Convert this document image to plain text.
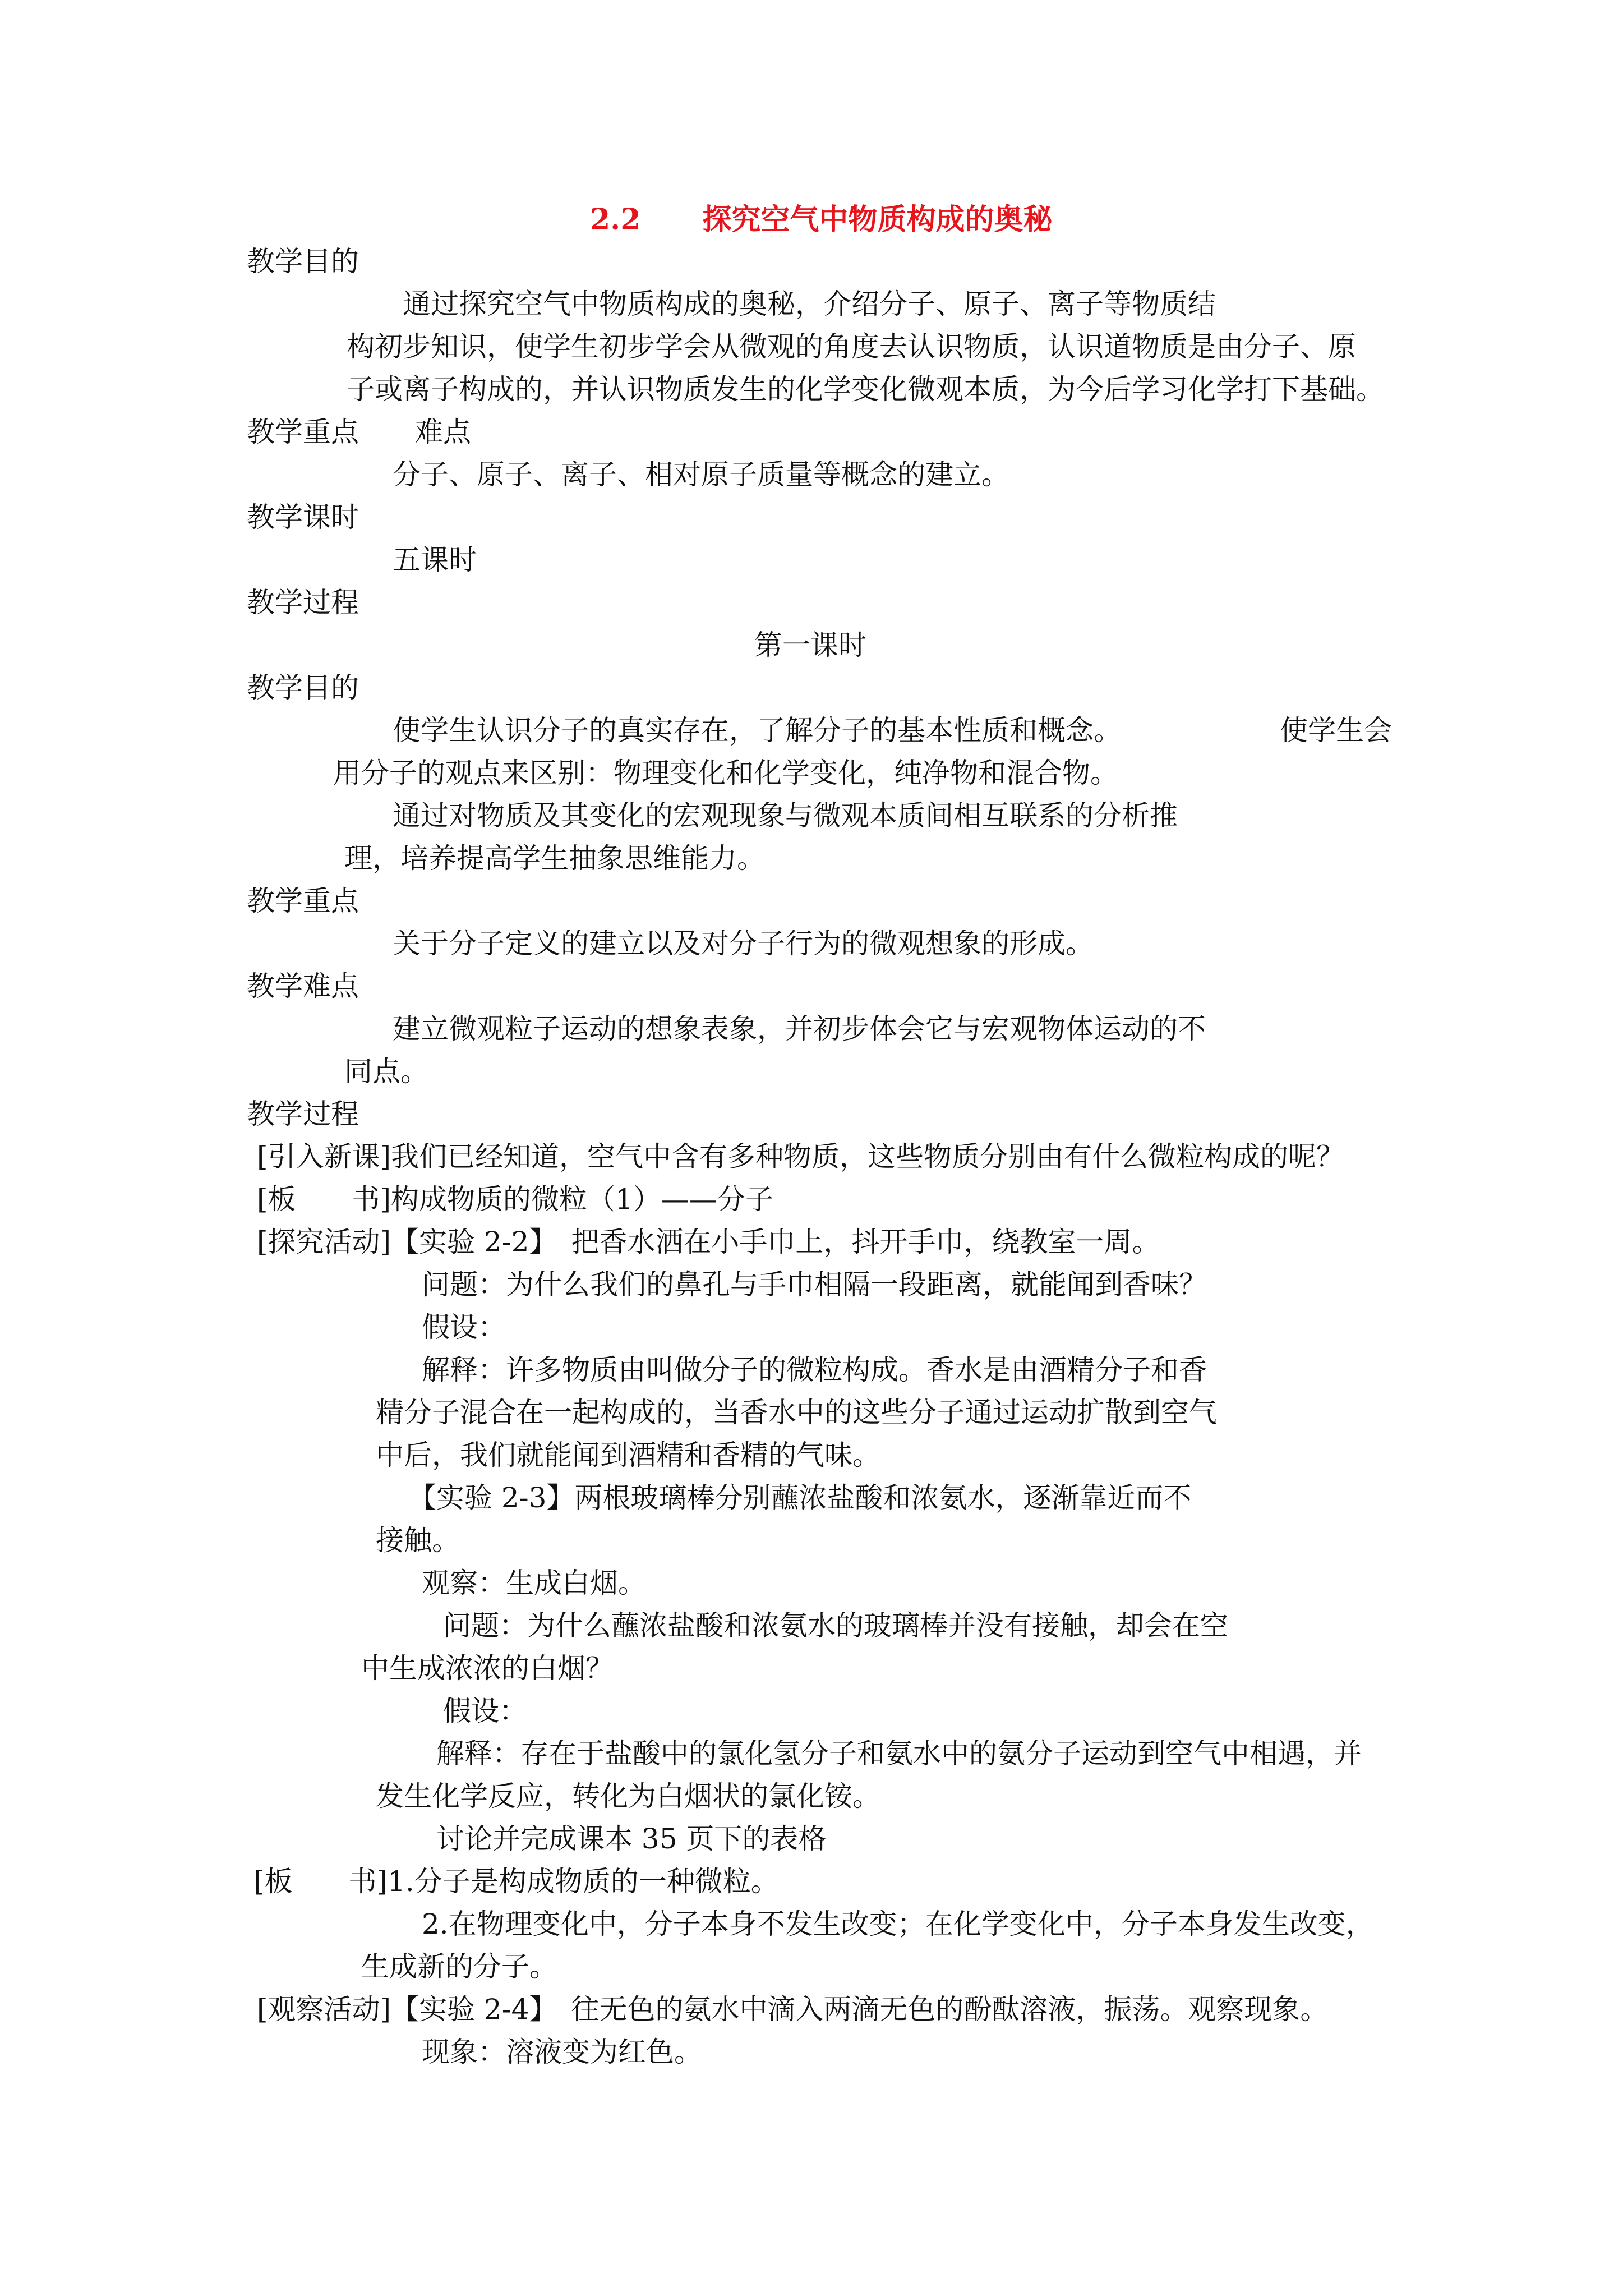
2.2 探究空气中物质构成的奥秘
教学目的
通过探究空气中物质构成的奥秘，介绍分子、原子、离子等物质结
构初步知识，使学生初步学会从微观的角度去认识物质，认识道物质是由分子、原
子或离子构成的，并认识物质发生的化学变化微观本质，为今后学习化学打下基础。
教学重点　　难点
分子、原子、离子、相对原子质量等概念的建立。
教学课时
五课时
教学过程
第一课时
教学目的
使学生认识分子的真实存在，了解分子的基本性质和概念。	使学生会
用分子的观点来区别：物理变化和化学变化，纯净物和混合物。
通过对物质及其变化的宏观现象与微观本质间相互联系的分析推
理，培养提高学生抽象思维能力。
教学重点
关于分子定义的建立以及对分子行为的微观想象的形成。
教学难点
建立微观粒子运动的想象表象，并初步体会它与宏观物体运动的不
同点。
教学过程
[引入新课]我们已经知道，空气中含有多种物质，这些物质分别由有什么微粒构成的呢？
[板　　书]构成物质的微粒（1）——分子
[探究活动]【实验 2-2】　把香水洒在小手巾上，抖开手巾，绕教室一周。
问题：为什么我们的鼻孔与手巾相隔一段距离，就能闻到香味？
假设：
解释：许多物质由叫做分子的微粒构成。香水是由酒精分子和香
精分子混合在一起构成的，当香水中的这些分子通过运动扩散到空气
中后，我们就能闻到酒精和香精的气味。
【实验 2-3】两根玻璃棒分别蘸浓盐酸和浓氨水，逐渐靠近而不
接触。
观察：生成白烟。
问题：为什么蘸浓盐酸和浓氨水的玻璃棒并没有接触，却会在空
中生成浓浓的白烟？
假设：
解释：存在于盐酸中的氯化氢分子和氨水中的氨分子运动到空气中相遇，并
发生化学反应，转化为白烟状的氯化铵。
讨论并完成课本 35 页下的表格
[板　　书]1.分子是构成物质的一种微粒。
2.在物理变化中，分子本身不发生改变；在化学变化中，分子本身发生改变，
生成新的分子。
[观察活动]【实验 2-4】　往无色的氨水中滴入两滴无色的酚酞溶液，振荡。观察现象。
现象：溶液变为红色。
